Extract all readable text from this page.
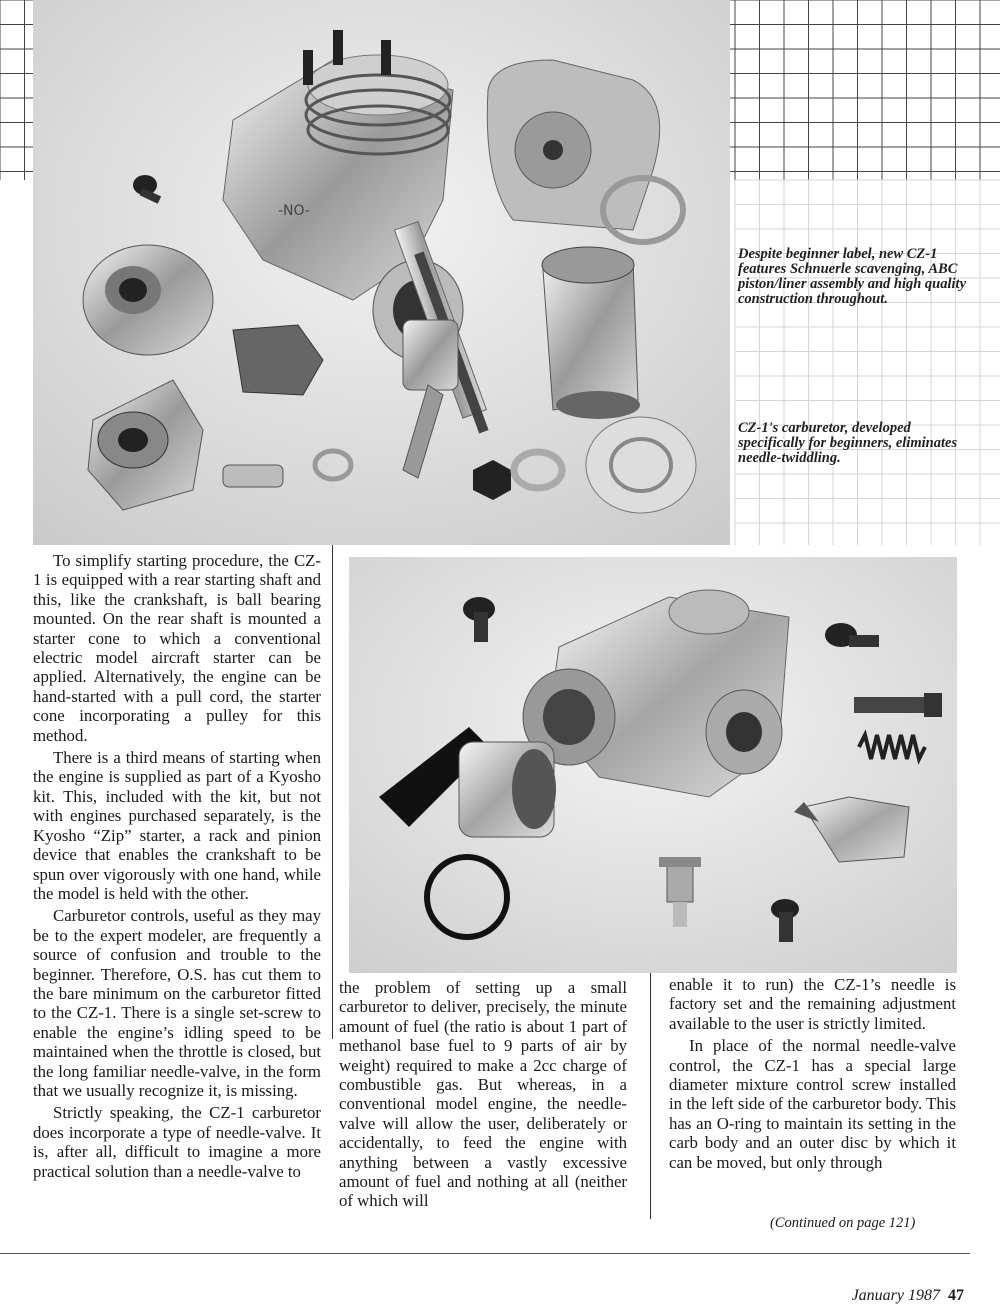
-NO-
Despite beginner label, new CZ-1 features Schnuerle scavenging, ABC piston/liner assembly and high quality construction throughout.
CZ-1's carburetor, developed specifically for beginners, eliminates needle-twiddling.

To simplify starting procedure, the CZ-1 is equipped with a rear starting shaft and this, like the crankshaft, is ball bearing mounted. On the rear shaft is mounted a starter cone to which a conventional electric model aircraft starter can be applied. Alternatively, the engine can be hand-started with a pull cord, the starter cone incorporating a pulley for this method.

There is a third means of starting when the engine is supplied as part of a Kyosho kit. This, included with the kit, but not with engines purchased separately, is the Kyosho “Zip” starter, a rack and pinion device that enables the crankshaft to be spun over vigorously with one hand, while the model is held with the other.

Carburetor controls, useful as they may be to the expert modeler, are frequently a source of confusion and trouble to the beginner. Therefore, O.S. has cut them to the bare minimum on the carburetor fitted to the CZ-1. There is a single set-screw to enable the engine’s idling speed to be maintained when the throttle is closed, but the long familiar needle-valve, in the form that we usually recognize it, is missing.

Strictly speaking, the CZ-1 carburetor does incorporate a type of needle-valve. It is, after all, difficult to imagine a more practical solution than a needle-valve to

the problem of setting up a small carburetor to deliver, precisely, the minute amount of fuel (the ratio is about 1 part of methanol base fuel to 9 parts of air by weight) required to make a 2cc charge of combustible gas. But whereas, in a conventional model engine, the needle-valve will allow the user, deliberately or accidentally, to feed the engine with anything between a vastly excessive amount of fuel and nothing at all (neither of which will

enable it to run) the CZ-1’s needle is factory set and the remaining adjustment available to the user is strictly limited.

In place of the normal needle-valve control, the CZ-1 has a special large diameter mixture control screw installed in the left side of the carburetor body. This has an O-ring to maintain its setting in the carb body and an outer disc by which it can be moved, but only through

(Continued on page 121)
January 1987 47
